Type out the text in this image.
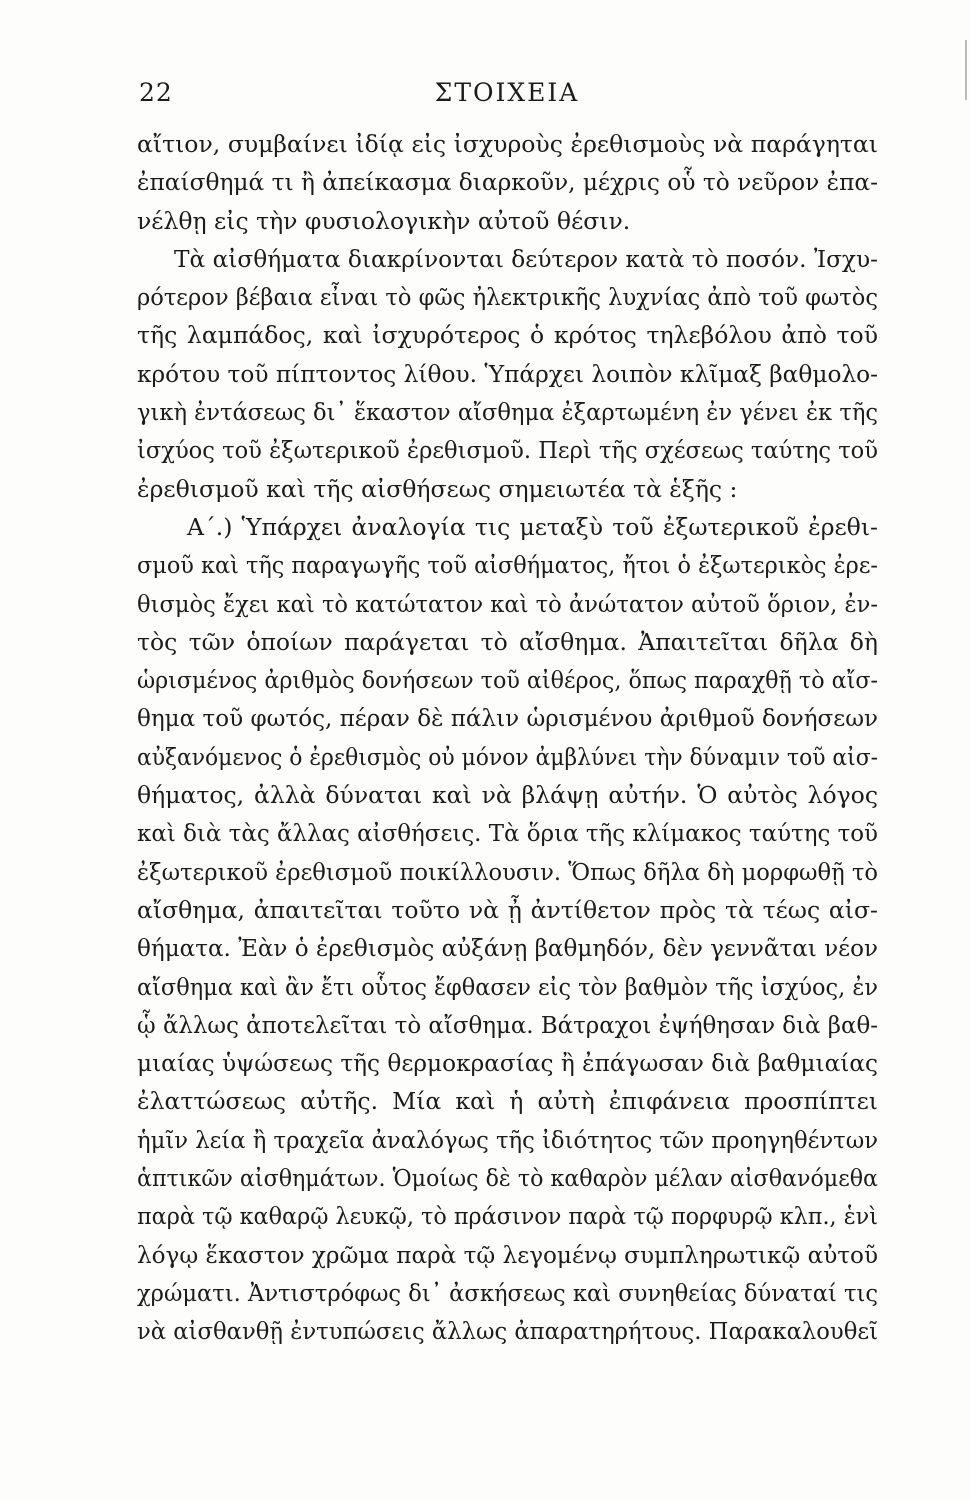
22	ΣΤΟΙΧΕΙΑ
αἴτιον, συμβαίνει ἰδίᾳ εἰς ἰσχυροὺς ἐρεθισμοὺς νὰ παράγηται
ἐπαίσθημά τι ἢ ἀπείκασμα διαρκοῦν, μέχρις οὗ τὸ νεῦρον ἐπα-
νέλθῃ εἰς τὴν φυσιολογικὴν αὐτοῦ θέσιν.
Τὰ αἰσθήματα διακρίνονται δεύτερον κατὰ τὸ ποσόν. Ἰσχυ-
ρότερον βέβαια εἶναι τὸ φῶς ἠλεκτρικῆς λυχνίας ἀπὸ τοῦ φωτὸς
τῆς λαμπάδος, καὶ ἰσχυρότερος ὁ κρότος τηλεβόλου ἀπὸ τοῦ
κρότου τοῦ πίπτοντος λίθου. Ὑπάρχει λοιπὸν κλῖμαξ βαθμολο-
γικὴ ἐντάσεως δι᾽ ἕκαστον αἴσθημα ἐξαρτωμένη ἐν γένει ἐκ τῆς
ἰσχύος τοῦ ἐξωτερικοῦ ἐρεθισμοῦ. Περὶ τῆς σχέσεως ταύτης τοῦ
ἐρεθισμοῦ καὶ τῆς αἰσθήσεως σημειωτέα τὰ ἑξῆς :
Α΄.) Ὑπάρχει ἀναλογία τις μεταξὺ τοῦ ἐξωτερικοῦ ἐρεθι-
σμοῦ καὶ τῆς παραγωγῆς τοῦ αἰσθήματος, ἤτοι ὁ ἐξωτερικὸς ἐρε-
θισμὸς ἔχει καὶ τὸ κατώτατον καὶ τὸ ἀνώτατον αὐτοῦ ὅριον, ἐν-
τὸς τῶν ὁποίων παράγεται τὸ αἴσθημα. Ἀπαιτεῖται δῆλα δὴ
ὡρισμένος ἀριθμὸς δονήσεων τοῦ αἰθέρος, ὅπως παραχθῇ τὸ αἴσ-
θημα τοῦ φωτός, πέραν δὲ πάλιν ὡρισμένου ἀριθμοῦ δονήσεων
αὐξανόμενος ὁ ἐρεθισμὸς οὐ μόνον ἀμβλύνει τὴν δύναμιν τοῦ αἰσ-
θήματος, ἀλλὰ δύναται καὶ νὰ βλάψῃ αὐτήν. Ὁ αὐτὸς λόγος
καὶ διὰ τὰς ἄλλας αἰσθήσεις. Τὰ ὅρια τῆς κλίμακος ταύτης τοῦ
ἐξωτερικοῦ ἐρεθισμοῦ ποικίλλουσιν. Ὅπως δῆλα δὴ μορφωθῇ τὸ
αἴσθημα, ἀπαιτεῖται τοῦτο νὰ ᾖ ἀντίθετον πρὸς τὰ τέως αἰσ-
θήματα. Ἐὰν ὁ ἐρεθισμὸς αὐξάνῃ βαθμηδόν, δὲν γεννᾶται νέον
αἴσθημα καὶ ἂν ἔτι οὗτος ἔφθασεν εἰς τὸν βαθμὸν τῆς ἰσχύος, ἐν
ᾧ ἄλλως ἀποτελεῖται τὸ αἴσθημα. Βάτραχοι ἐψήθησαν διὰ βαθ-
μιαίας ὑψώσεως τῆς θερμοκρασίας ἢ ἐπάγωσαν διὰ βαθμιαίας
ἐλαττώσεως αὐτῆς. Μία καὶ ἡ αὐτὴ ἐπιφάνεια προσπίπτει
ἡμῖν λεία ἢ τραχεῖα ἀναλόγως τῆς ἰδιότητος τῶν προηγηθέντων
ἁπτικῶν αἰσθημάτων. Ὁμοίως δὲ τὸ καθαρὸν μέλαν αἰσθανόμεθα
παρὰ τῷ καθαρῷ λευκῷ, τὸ πράσινον παρὰ τῷ πορφυρῷ κλπ., ἑνὶ
λόγῳ ἕκαστον χρῶμα παρὰ τῷ λεγομένῳ συμπληρωτικῷ αὐτοῦ
χρώματι. Ἀντιστρόφως δι᾽ ἀσκήσεως καὶ συνηθείας δύναταί τις
νὰ αἰσθανθῇ ἐντυπώσεις ἄλλως ἀπαρατηρήτους. Παρακαλουθεῖ
